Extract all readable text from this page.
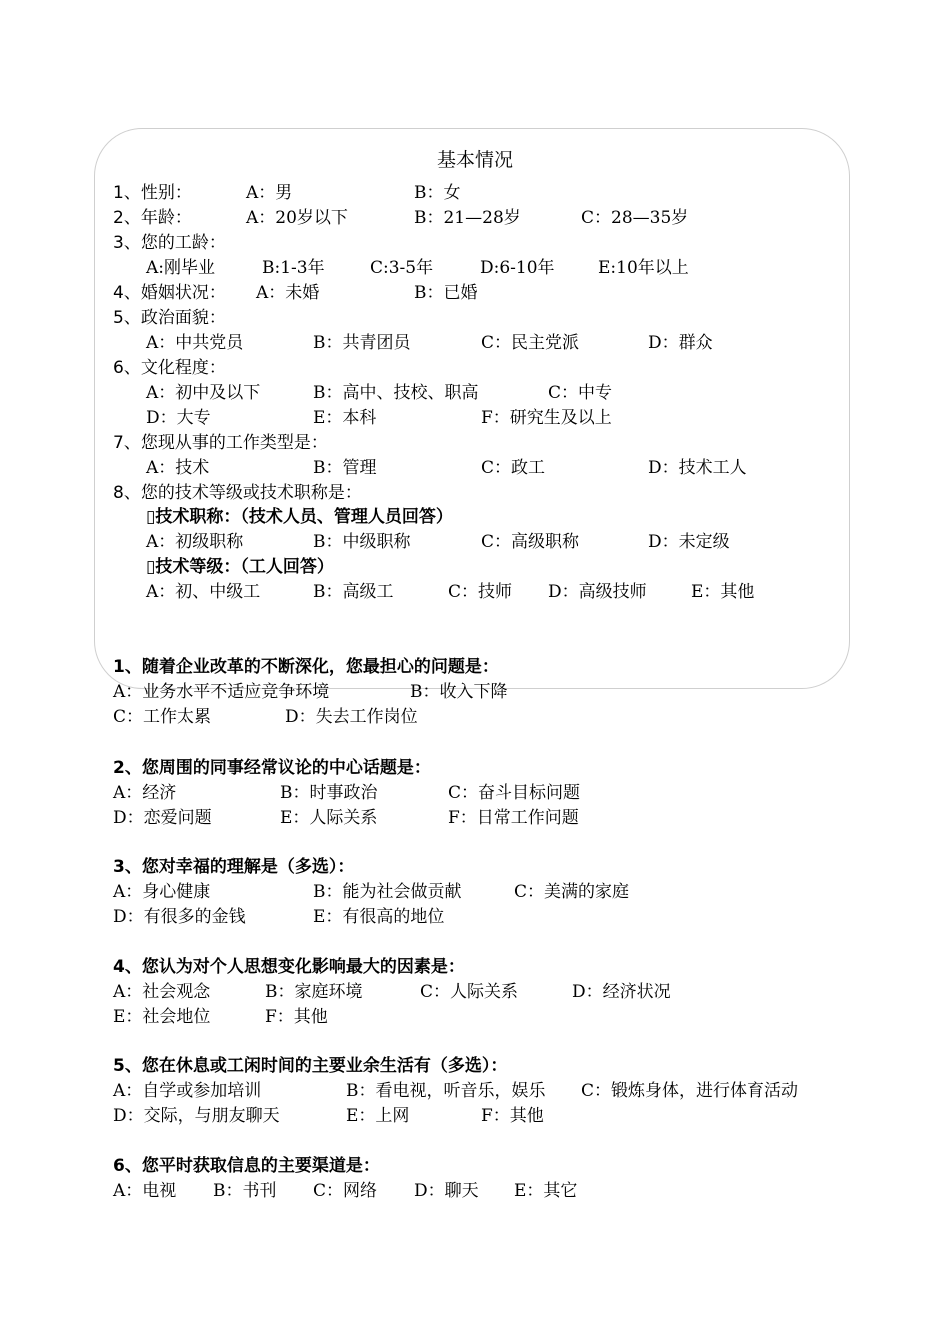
基本情况
1、性别：	A：男	B：女
2、年龄：	A：20岁以下	B：21—28岁	C：28—35岁
3、您的工龄：
A:刚毕业	B:1-3年	C:3-5年	D:6-10年	E:10年以上
4、婚姻状况： A：未婚	B：已婚
5、政治面貌：
A：中共党员	B：共青团员	C：民主党派	D：群众
6、文化程度：
A：初中及以下	B：高中、技校、职高	C：中专
D：大专	E：本科	F：研究生及以上
7、您现从事的工作类型是：
A：技术	B：管理	C：政工	D：技术工人
8、您的技术等级或技术职称是：
▯技术职称：（技术人员、管理人员回答）
A：初级职称	B：中级职称	C：高级职称	D：未定级
▯技术等级：（工人回答）
A：初、中级工	B：高级工	C：技师 D：高级技师	E：其他
1、随着企业改革的不断深化，您最担心的问题是：
A：业务水平不适应竞争环境	B：收入下降
C：工作太累	D：失去工作岗位
2、您周围的同事经常议论的中心话题是：
A：经济	B：时事政治	C：奋斗目标问题
D：恋爱问题	E：人际关系	F：日常工作问题
3、您对幸福的理解是（多选）：
A：身心健康	B：能为社会做贡献	C：美满的家庭
D：有很多的金钱	E：有很高的地位
4、您认为对个人思想变化影响最大的因素是：
A：社会观念	B：家庭环境	C：人际关系	D：经济状况
E：社会地位	F：其他
5、您在休息或工闲时间的主要业余生活有（多选）：
A：自学或参加培训	B：看电视，听音乐，娱乐 C：锻炼身体，进行体育活动
D：交际，与朋友聊天	E：上网	F：其他
6、您平时获取信息的主要渠道是：
A：电视 B：书刊 C：网络 D：聊天 E：其它
